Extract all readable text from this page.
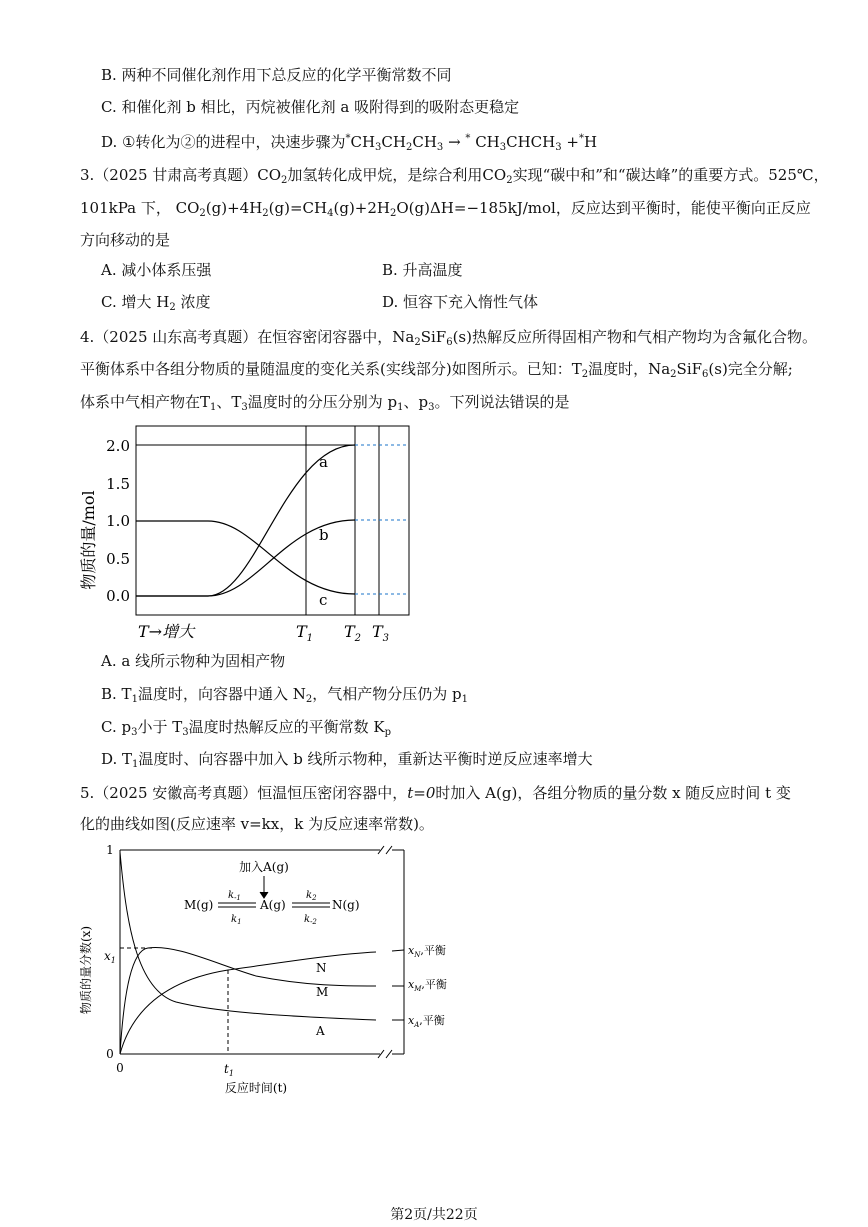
B. 两种不同催化剂作用下总反应的化学平衡常数不同
C. 和催化剂 b 相比，丙烷被催化剂 a 吸附得到的吸附态更稳定
D. ①转化为②的进程中，决速步骤为$^*CH_3CH_2CH_3 \to ^*$ $CH_3CHCH_3 +^*H$
3.（2025 甘肃高考真题）$CO_2$加氢转化成甲烷，是综合利用$CO_2$实现“碳中和”和“碳达峰”的重要方式。525℃，
101kPa 下， $CO_2(g)+4H_2(g)=CH_4(g)+2H_2O(g)\Delta H=-185kJ$/mol，反应达到平衡时，能使平衡向正反应
方向移动的是
A. 减小体系压强	B. 升高温度
C. 增大 $H_2$ 浓度	D. 恒容下充入惰性气体
4.（2025 山东高考真题）在恒容密闭容器中，$Na_2SiF_6(s)$热解反应所得固相产物和气相产物均为含氟化合物。
平衡体系中各组分物质的量随温度的变化关系(实线部分)如图所示。已知：$T_2$温度时，$Na_2SiF_6(s)$完全分解;
体系中气相产物在$T_1$、$T_3$温度时的分压分别为 $p_1$、$p_3$。下列说法错误的是
物质的量/mol
2.0
1.5
1.0
0.5
0.0
a
b
c
T→增大	$T_1$ $T_2$ $T_3$
A. a 线所示物种为固相产物
B. $T_1$温度时，向容器中通入 $N_2$，气相产物分压仍为 $p_1$
C. $p_3$小于 $T_3$温度时热解反应的平衡常数 $K_p$
D. $T_1$温度时、向容器中加入 b 线所示物种，重新达平衡时逆反应速率增大
5.（2025 安徽高考真题）恒温恒压密闭容器中，t=0时加入 A(g)，各组分物质的量分数 x 随反应时间 t 变
化的曲线如图(反应速率 v=kx，k 为反应速率常数)。
物质的量分数(x)
1
0
0
$x_1$
$t_1$
反应时间(t)
N
M
A
$x_N$,平衡
$x_M$,平衡
$x_A$,平衡
加入A(g)
M(g)	A(g)	N(g)
$k_{-1}$
$k_1$
$k_2$
$k_{-2}$
第2页/共22页
